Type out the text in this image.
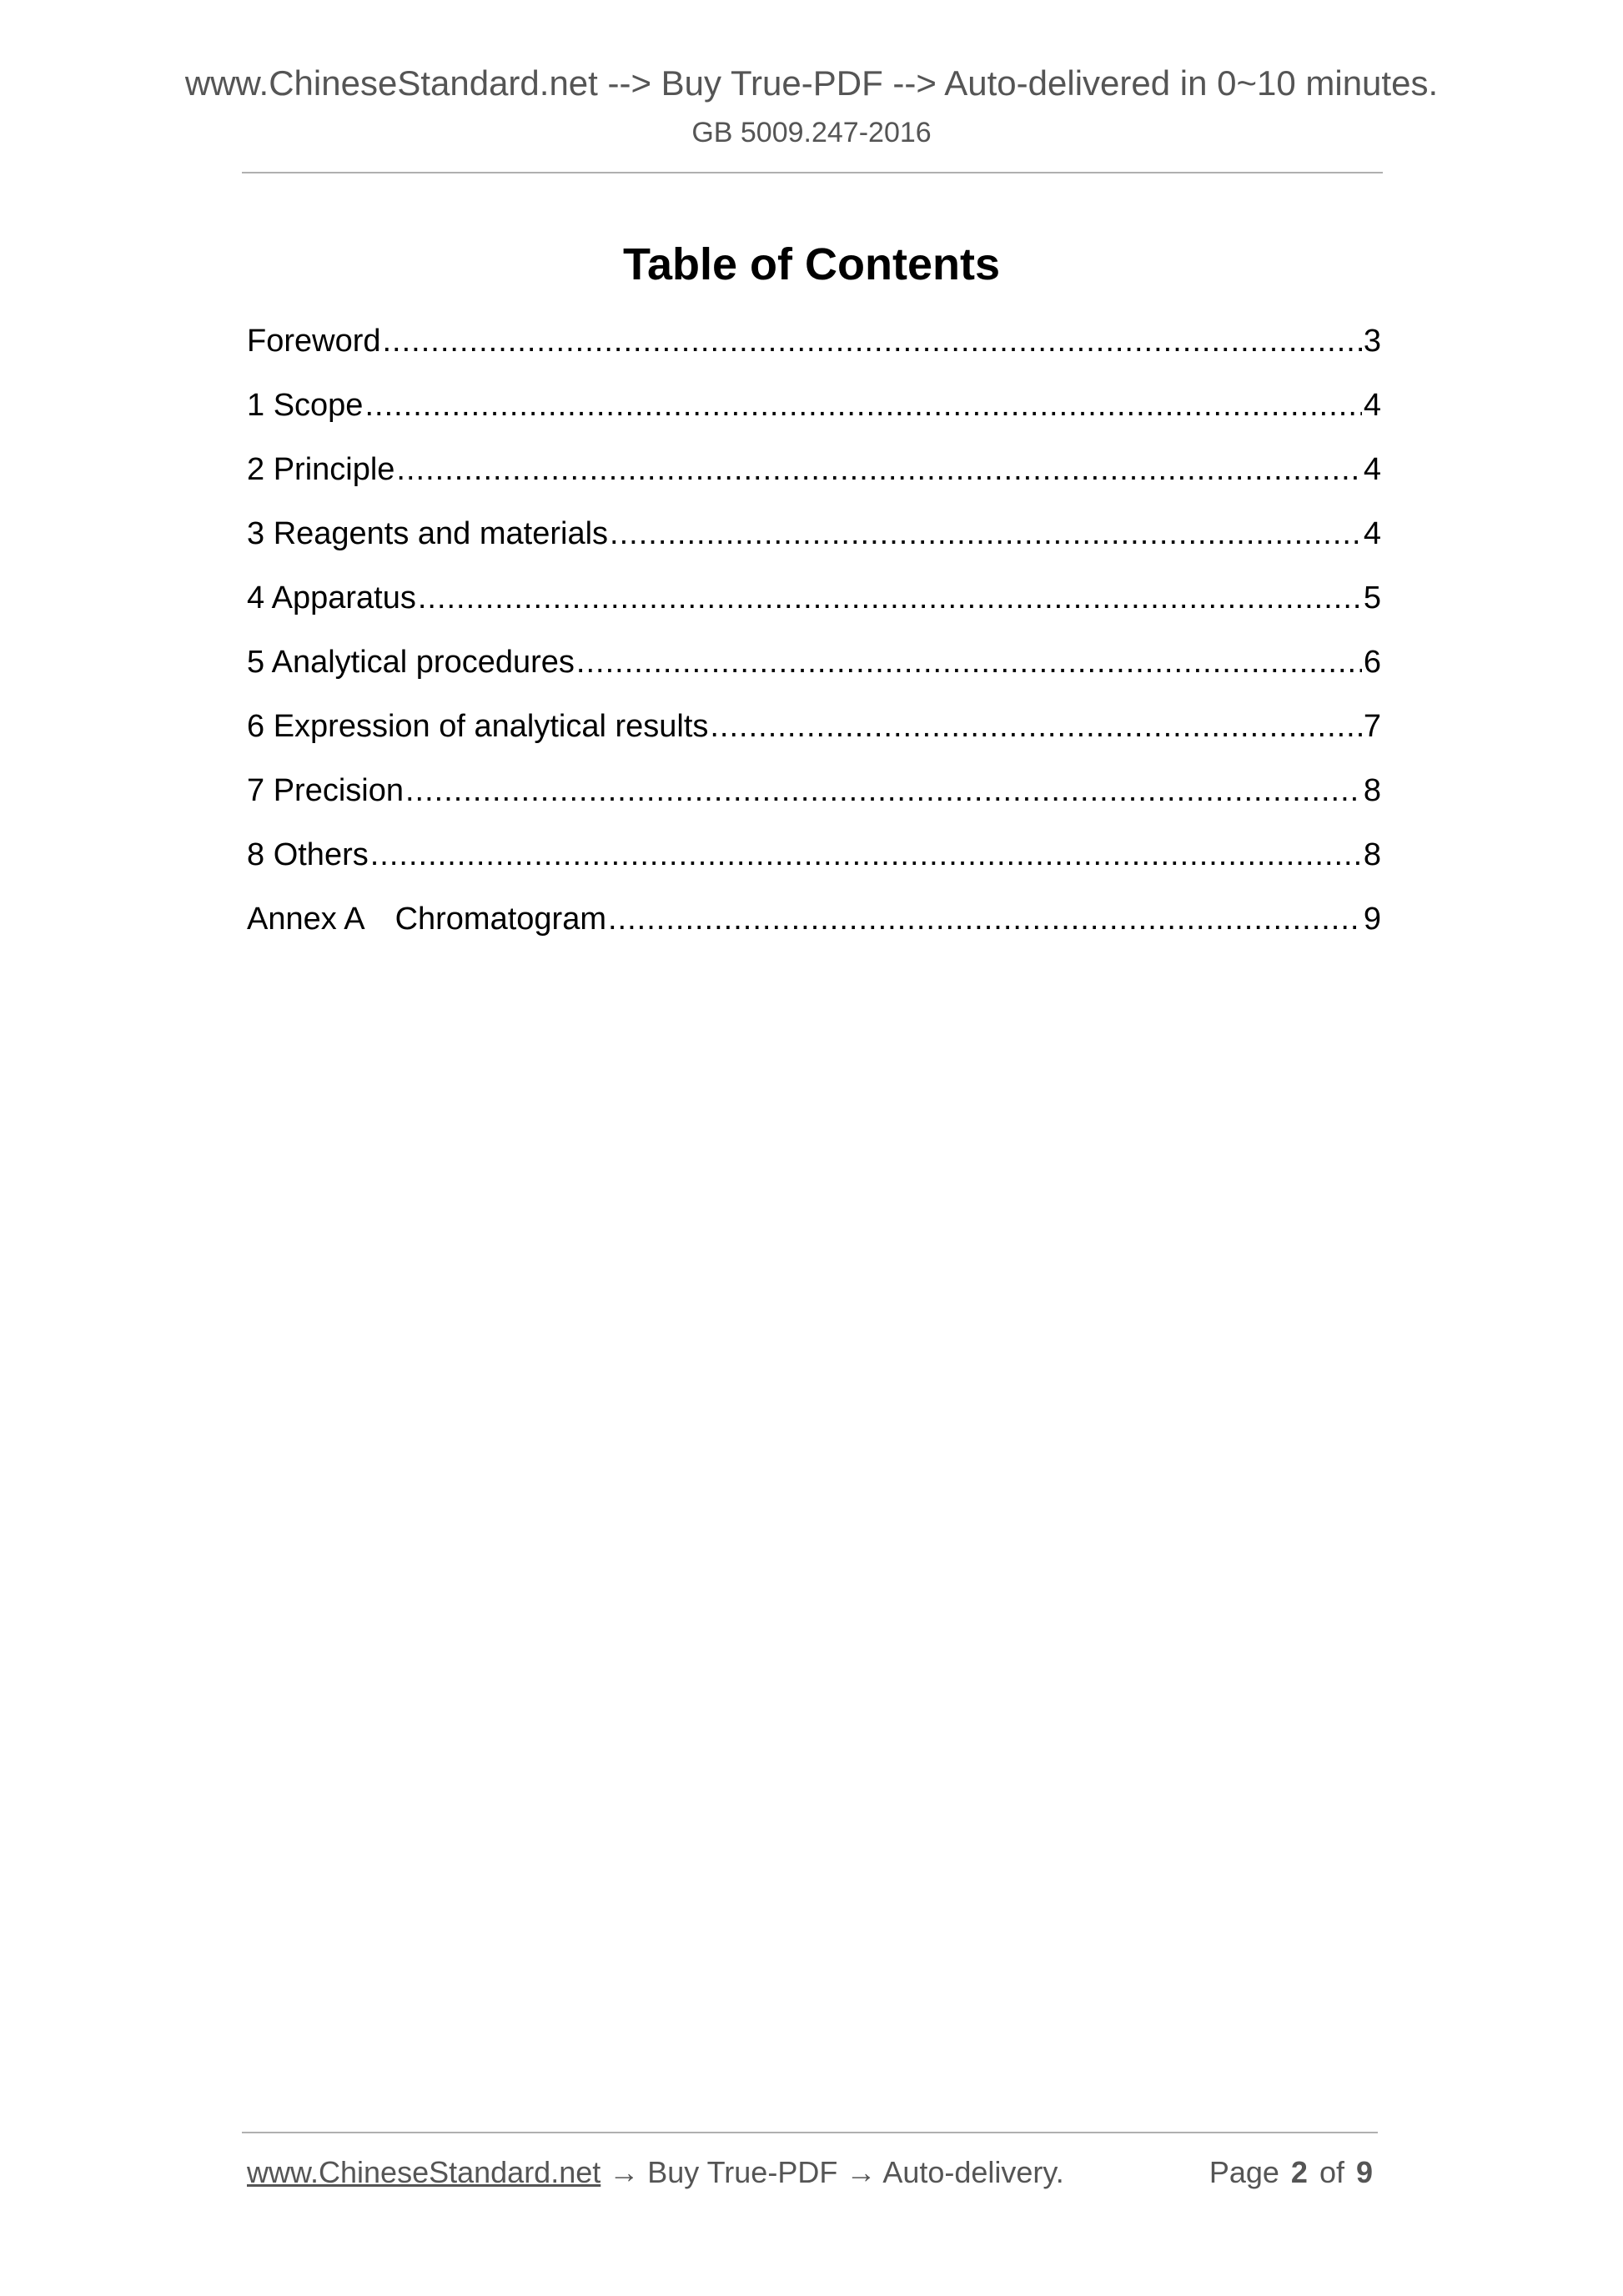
www.ChineseStandard.net --> Buy True-PDF --> Auto-delivered in 0~10 minutes.
GB 5009.247-2016
Table of Contents
Foreword .....	3
1 Scope .....	4
2 Principle .....	4
3 Reagents and materials .....	4
4 Apparatus .....	5
5 Analytical procedures .....	6
6 Expression of analytical results .....	7
7 Precision .....	8
8 Others .....	8
Annex A Chromatogram .....	9
www.ChineseStandard.net → Buy True-PDF → Auto-delivery.	Page 2 of 9
